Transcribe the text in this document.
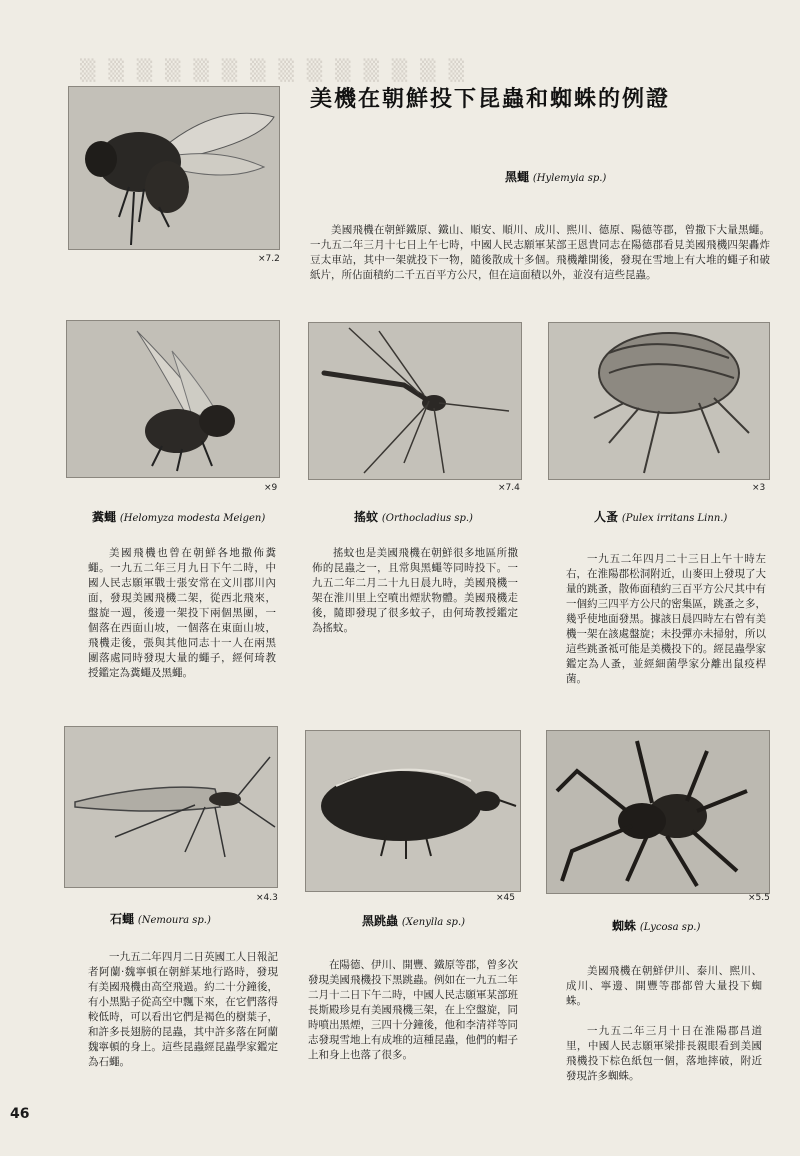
▒ ▒ ▒ ▒ ▒ ▒ ▒ ▒ ▒ ▒ ▒ ▒ ▒ ▒
美機在朝鮮投下昆蟲和蜘蛛的例證
×7.2
黑蠅 (Hylemyia sp.)
美國飛機在朝鮮鐵原、鐵山、順安、順川、成川、熙川、德原、陽德等郡，曾撒下大量黑蠅。一九五二年三月十七日上午七時，中國人民志願軍某部王恩貴同志在陽德郡看見美國飛機四架轟炸豆太車站，其中一架就投下一物，隨後散成十多個。飛機離開後，發現在雪地上有大堆的蠅子和破紙片，所佔面積約二千五百平方公尺，但在這面積以外，並沒有這些昆蟲。
×9	×7.4	×3
糞蠅 (Helomyza modesta Meigen)	搖蚊 (Orthocladius sp.)	人蚤 (Pulex irritans Linn.)
美國飛機也曾在朝鮮各地撒佈糞蠅。一九五二年三月九日下午二時，中國人民志願軍戰士張安常在文川郡川內面，發現美國飛機二架，從西北飛來，盤旋一週，後邊一架投下兩個黑團，一個落在西面山坡，一個落在東面山坡，飛機走後，張與其他同志十一人在兩黑團落處同時發現大量的蠅子，經何琦教授鑑定為糞蠅及黑蠅。
搖蚊也是美國飛機在朝鮮很多地區所撒佈的昆蟲之一，且常與黑蠅等同時投下。一九五二年二月二十九日晨九時，美國飛機一架在淮川里上空噴出煙狀物體。美國飛機走後，隨即發現了很多蚊子，由何琦教授鑑定為搖蚊。
一九五二年四月二十三日上午十時左右，在淮陽郡松洞附近，山麥田上發現了大量的跳蚤，散佈面積約三百平方公尺其中有一個約三四平方公尺的密集區，跳蚤之多，幾乎使地面發黑。據該日晨四時左右曾有美機一架在該處盤旋；未投彈亦未掃射，所以這些跳蚤祗可能是美機投下的。經昆蟲學家鑑定為人蚤，並經細菌學家分離出鼠疫桿菌。
×4.3	×45	×5.5
石蠅 (Nemoura sp.)	黑跳蟲 (Xenylla sp.)	蜘蛛 (Lycosa sp.)
一九五二年四月二日英國工人日報記者阿蘭·魏寧頓在朝鮮某地行路時，發現有美國飛機由高空飛過。約二十分鐘後，有小黑點子從高空中飄下來，在它們落得較低時，可以看出它們是褐色的樹葉子，和許多長翅膀的昆蟲，其中許多落在阿蘭魏寧頓的身上。這些昆蟲經昆蟲學家鑑定為石蠅。
在陽德、伊川、開豐、鐵原等郡，曾多次發現美國飛機投下黑跳蟲。例如在一九五二年二月十二日下午二時，中國人民志願軍某部班長斯殿珍見有美國飛機三架，在上空盤旋，同時噴出黑煙，三四十分鐘後，他和李清祥等同志發現雪地上有成堆的這種昆蟲，他們的帽子上和身上也落了很多。
美國飛機在朝鮮伊川、泰川、熙川、成川、寧邊、開豐等郡都曾大量投下蜘蛛。
一九五二年三月十日在淮陽郡昌道里，中國人民志願軍梁排長親眼看到美國飛機投下棕色紙包一個，落地摔破，附近發現許多蜘蛛。
46
